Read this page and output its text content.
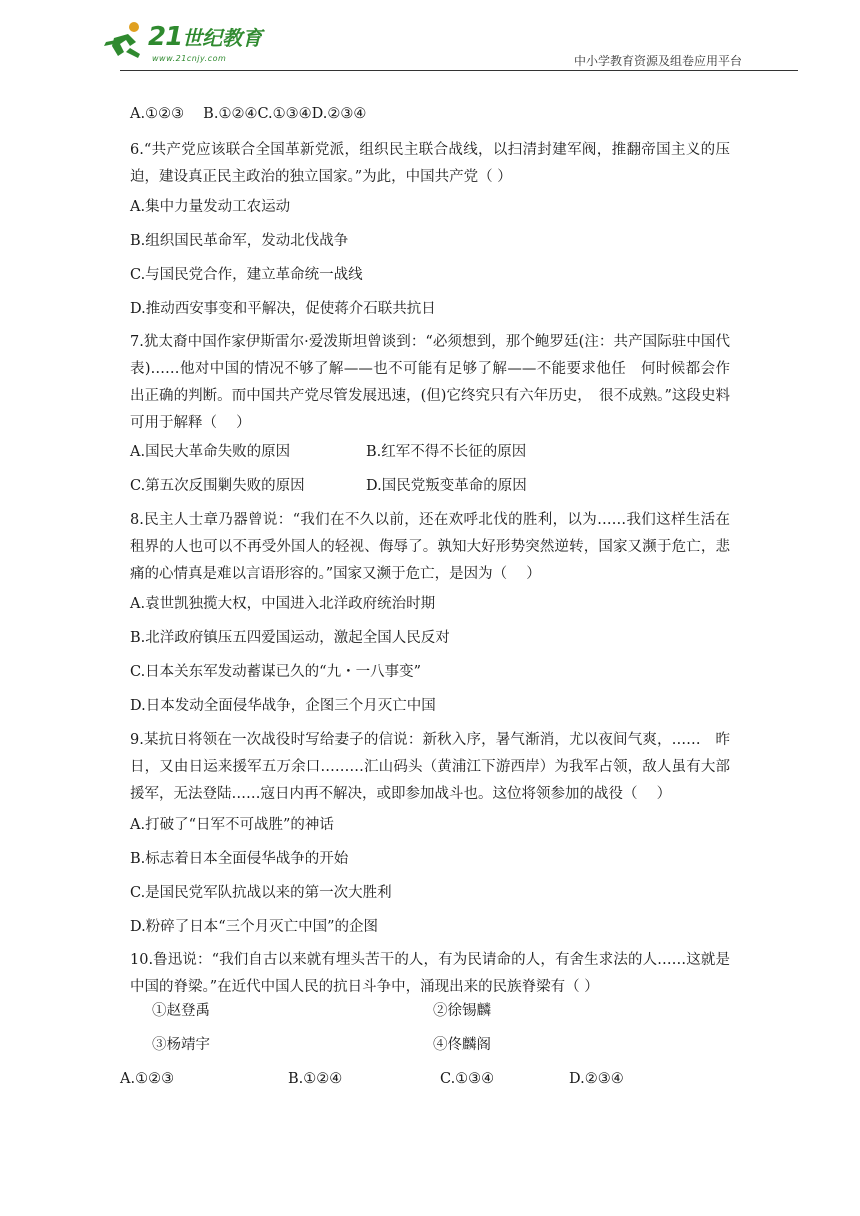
21世纪教育
www.21cnjy.com	中小学教育资源及组卷应用平台
A.①②③　 B.①②④C.①③④D.②③④
6.“共产党应该联合全国革新党派，组织民主联合战线，以扫清封建军阀，推翻帝国主义的压迫，建设真正民主政治的独立国家。”为此，中国共产党（ ）
A.集中力量发动工农运动
B.组织国民革命军，发动北伐战争
C.与国民党合作，建立革命统一战线
D.推动西安事变和平解决，促使蒋介石联共抗日
7.犹太裔中国作家伊斯雷尔·爱泼斯坦曾谈到：“必须想到，那个鲍罗廷(注：共产国际驻中国代表)……他对中国的情况不够了解——也不可能有足够了解——不能要求他任　何时候都会作出正确的判断。而中国共产党尽管发展迅速，(但)它终究只有六年历史，　很不成熟。”这段史料可用于解释（　 ）
A.国民大革命失败的原因	B.红军不得不长征的原因
C.第五次反围剿失败的原因	D.国民党叛变革命的原因
8.民主人士章乃器曾说：“我们在不久以前，还在欢呼北伐的胜利，以为……我们这样生活在租界的人也可以不再受外国人的轻视、侮辱了。孰知大好形势突然逆转，国家又濒于危亡，悲痛的心情真是难以言语形容的。”国家又濒于危亡，是因为（　 ）
A.袁世凯独揽大权，中国进入北洋政府统治时期
B.北洋政府镇压五四爱国运动，激起全国人民反对
C.日本关东军发动蓄谋已久的“九・一八事变”
D.日本发动全面侵华战争，企图三个月灭亡中国
9.某抗日将领在一次战役时写给妻子的信说：新秋入序，暑气渐消，尤以夜间气爽，……　昨日，又由日运来援军五万余口………汇山码头（黄浦江下游西岸）为我军占领，敌人虽有大部援军，无法登陆……寇日内再不解决，或即参加战斗也。这位将领参加的战役（　 ）
A.打破了“日军不可战胜”的神话
B.标志着日本全面侵华战争的开始
C.是国民党军队抗战以来的第一次大胜利
D.粉碎了日本“三个月灭亡中国”的企图
10.鲁迅说：“我们自古以来就有埋头苦干的人，有为民请命的人，有舍生求法的人……这就是中国的脊梁。”在近代中国人民的抗日斗争中，涌现出来的民族脊梁有（ ）
①赵登禹	②徐锡麟
③杨靖宇	④佟麟阁
A.①②③	B.①②④	C.①③④	D.②③④
